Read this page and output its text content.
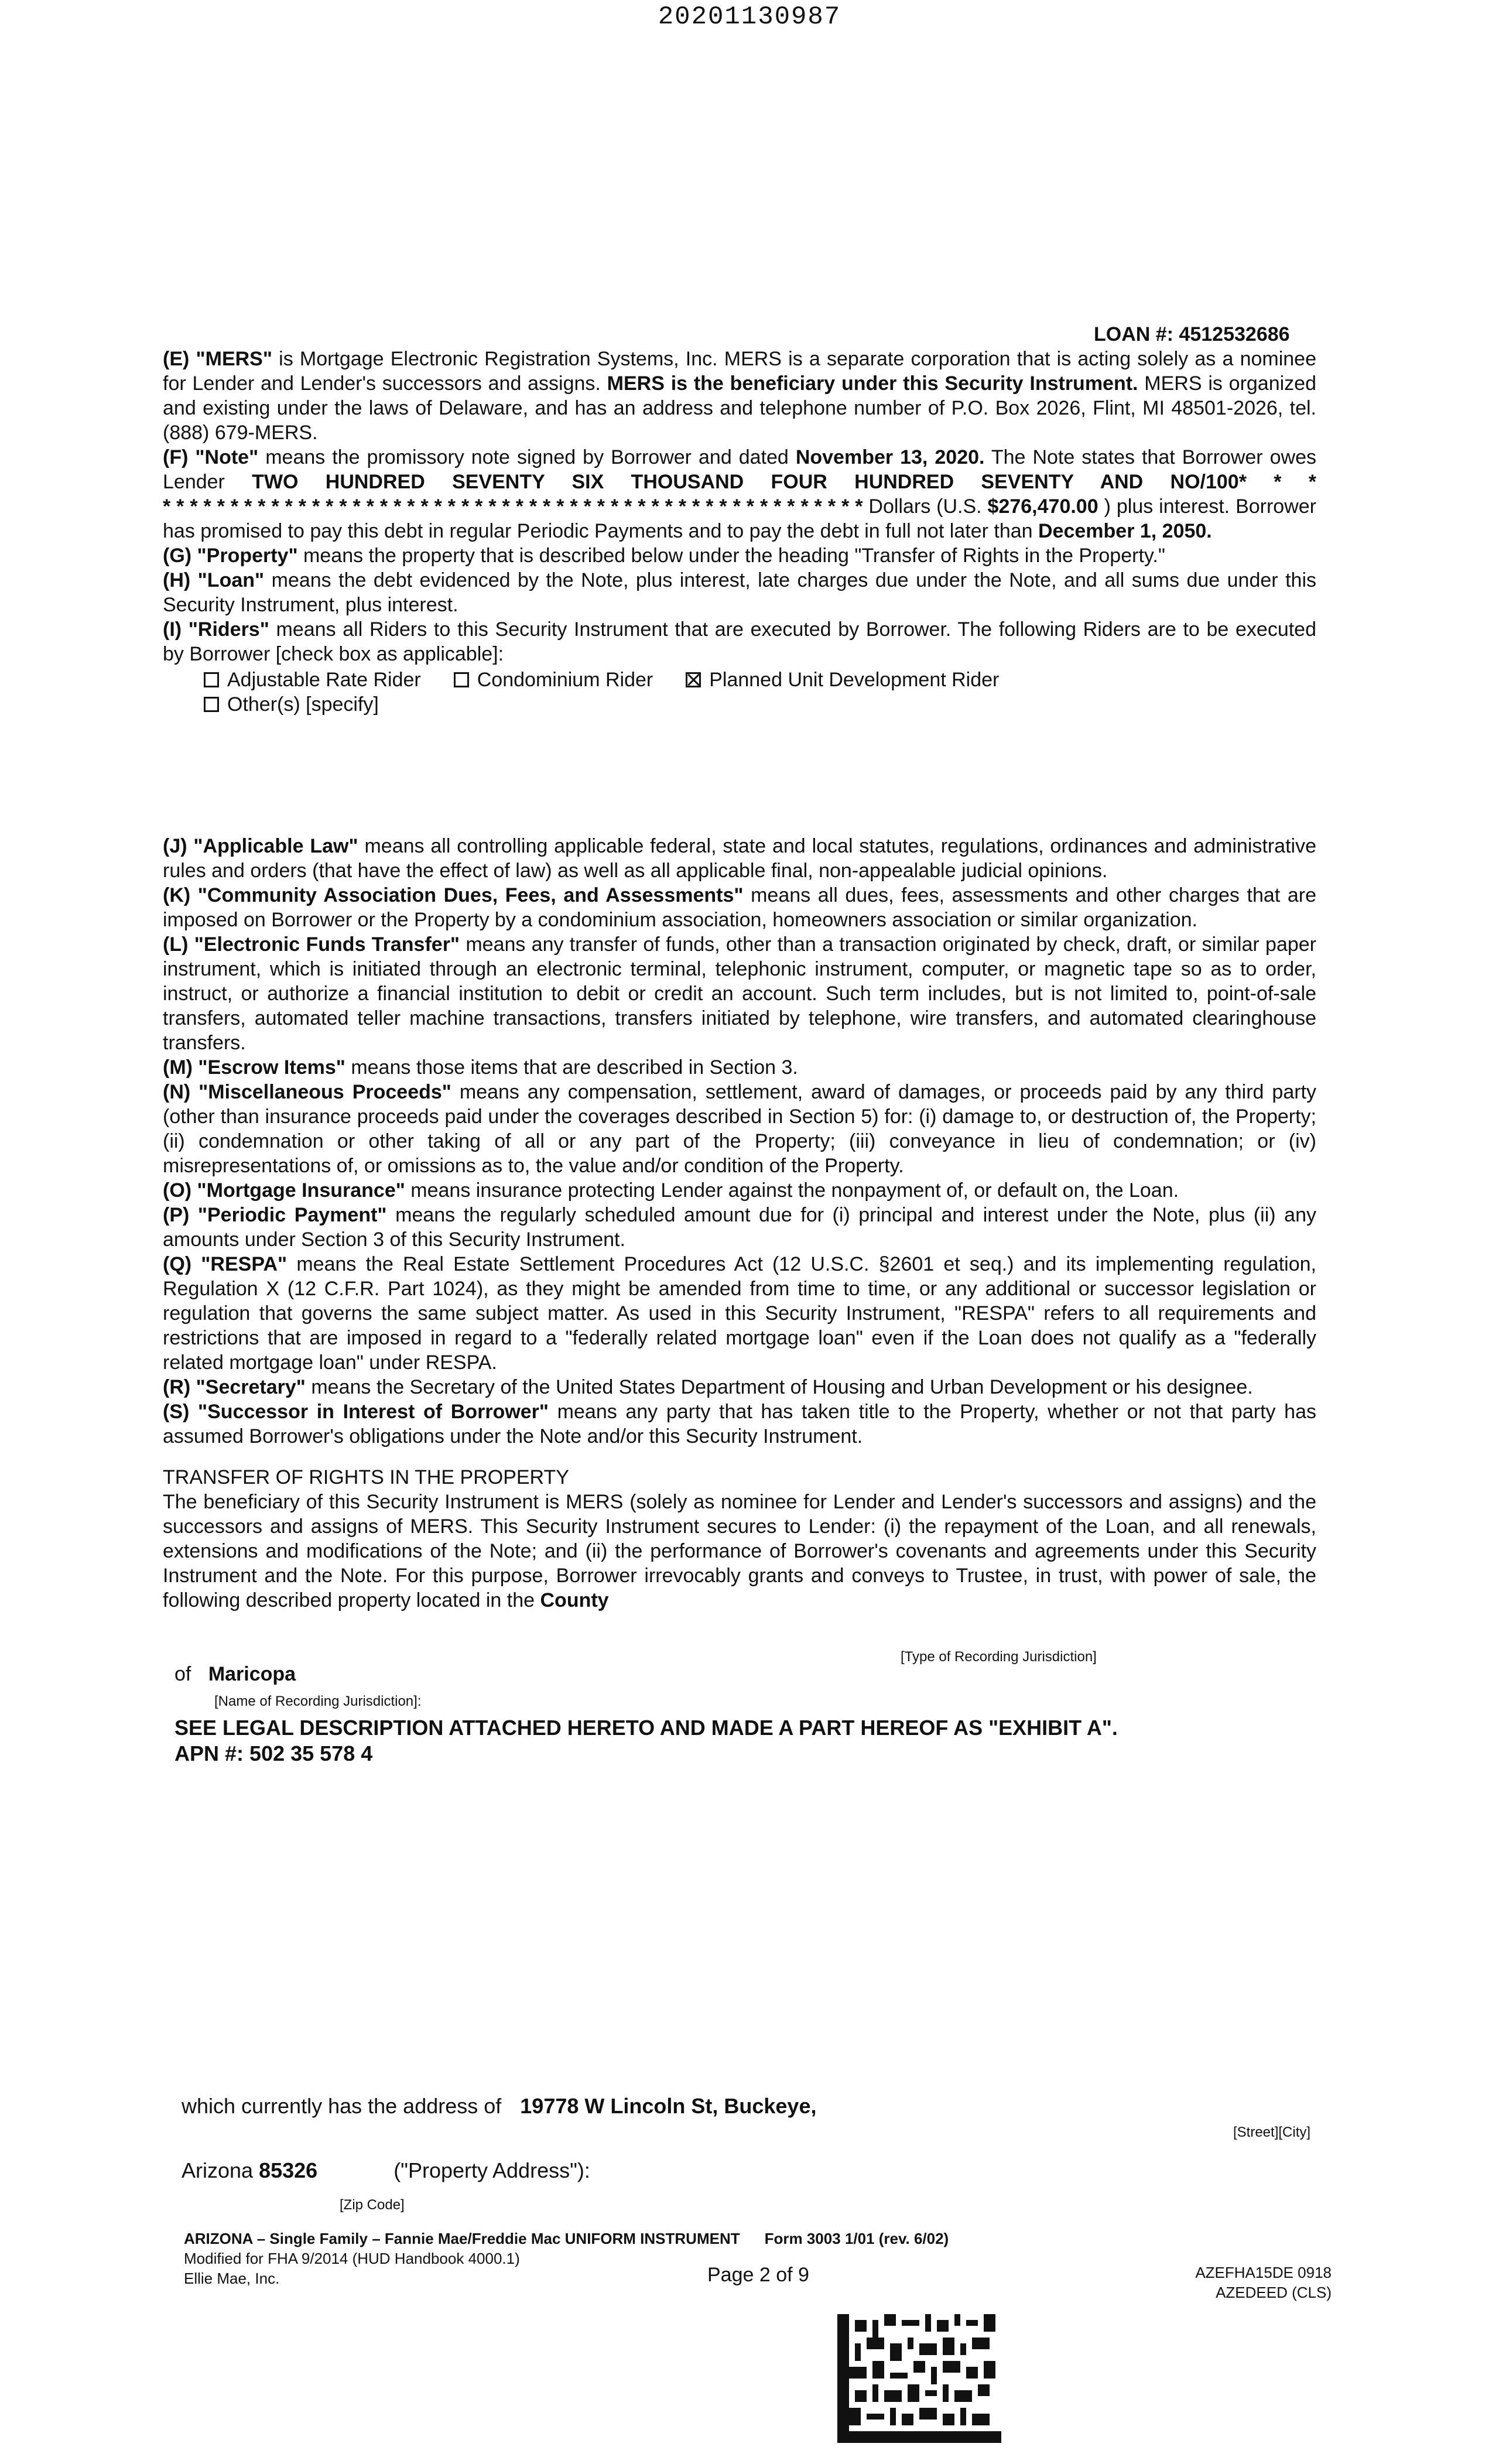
20201130987
LOAN #: 4512532686

(E) "MERS" is Mortgage Electronic Registration Systems, Inc. MERS is a separate corporation that is acting solely as a nominee for Lender and Lender's successors and assigns. MERS is the beneficiary under this Security Instrument. MERS is organized and existing under the laws of Delaware, and has an address and telephone number of P.O. Box 2026, Flint, MI 48501-2026, tel. (888) 679-MERS.

(F) "Note" means the promissory note signed by Borrower and dated November 13, 2020. The Note states that Borrower owes Lender TWO HUNDRED SEVENTY SIX THOUSAND FOUR HUNDRED SEVENTY AND NO/100* * * * * * * * * * * * * * * * * * * * * * * * * * * * * * * * * * * * * * * * * * * * * * * * * * * * * * * Dollars (U.S. $276,470.00 ) plus interest. Borrower has promised to pay this debt in regular Periodic Payments and to pay the debt in full not later than December 1, 2050.

(G) "Property" means the property that is described below under the heading "Transfer of Rights in the Property."

(H) "Loan" means the debt evidenced by the Note, plus interest, late charges due under the Note, and all sums due under this Security Instrument, plus interest.

(I) "Riders" means all Riders to this Security Instrument that are executed by Borrower. The following Riders are to be executed by Borrower [check box as applicable]:

Adjustable Rate Rider	Condominium Rider	Planned Unit Development Rider
Other(s) [specify]

(J) "Applicable Law" means all controlling applicable federal, state and local statutes, regulations, ordinances and administrative rules and orders (that have the effect of law) as well as all applicable final, non-appealable judicial opinions.

(K) "Community Association Dues, Fees, and Assessments" means all dues, fees, assessments and other charges that are imposed on Borrower or the Property by a condominium association, homeowners association or similar organization.

(L) "Electronic Funds Transfer" means any transfer of funds, other than a transaction originated by check, draft, or similar paper instrument, which is initiated through an electronic terminal, telephonic instrument, computer, or magnetic tape so as to order, instruct, or authorize a financial institution to debit or credit an account. Such term includes, but is not limited to, point-of-sale transfers, automated teller machine transactions, transfers initiated by telephone, wire transfers, and automated clearinghouse transfers.

(M) "Escrow Items" means those items that are described in Section 3.

(N) "Miscellaneous Proceeds" means any compensation, settlement, award of damages, or proceeds paid by any third party (other than insurance proceeds paid under the coverages described in Section 5) for: (i) damage to, or destruction of, the Property; (ii) condemnation or other taking of all or any part of the Property; (iii) conveyance in lieu of condemnation; or (iv) misrepresentations of, or omissions as to, the value and/or condition of the Property.

(O) "Mortgage Insurance" means insurance protecting Lender against the nonpayment of, or default on, the Loan.

(P) "Periodic Payment" means the regularly scheduled amount due for (i) principal and interest under the Note, plus (ii) any amounts under Section 3 of this Security Instrument.

(Q) "RESPA" means the Real Estate Settlement Procedures Act (12 U.S.C. §2601 et seq.) and its implementing regulation, Regulation X (12 C.F.R. Part 1024), as they might be amended from time to time, or any additional or successor legislation or regulation that governs the same subject matter. As used in this Security Instrument, "RESPA" refers to all requirements and restrictions that are imposed in regard to a "federally related mortgage loan" even if the Loan does not qualify as a "federally related mortgage loan" under RESPA.

(R) "Secretary" means the Secretary of the United States Department of Housing and Urban Development or his designee.

(S) "Successor in Interest of Borrower" means any party that has taken title to the Property, whether or not that party has assumed Borrower's obligations under the Note and/or this Security Instrument.

TRANSFER OF RIGHTS IN THE PROPERTY

The beneficiary of this Security Instrument is MERS (solely as nominee for Lender and Lender's successors and assigns) and the successors and assigns of MERS. This Security Instrument secures to Lender: (i) the repayment of the Loan, and all renewals, extensions and modifications of the Note; and (ii) the performance of Borrower's covenants and agreements under this Security Instrument and the Note. For this purpose, Borrower irrevocably grants and conveys to Trustee, in trust, with power of sale, the following described property located in the County

[Type of Recording Jurisdiction]
of Maricopa
[Name of Recording Jurisdiction]:
SEE LEGAL DESCRIPTION ATTACHED HERETO AND MADE A PART HEREOF AS "EXHIBIT A".
APN #: 502 35 578 4
which currently has the address of 19778 W Lincoln St, Buckeye,
[Street][City]
Arizona 85326	("Property Address"):
[Zip Code]
ARIZONA – Single Family – Fannie Mae/Freddie Mac UNIFORM INSTRUMENT Form 3003 1/01 (rev. 6/02)
Modified for FHA 9/2014 (HUD Handbook 4000.1)
Ellie Mae, Inc.	Page 2 of 9	AZEFHA15DE 0918
AZEDEED (CLS)
